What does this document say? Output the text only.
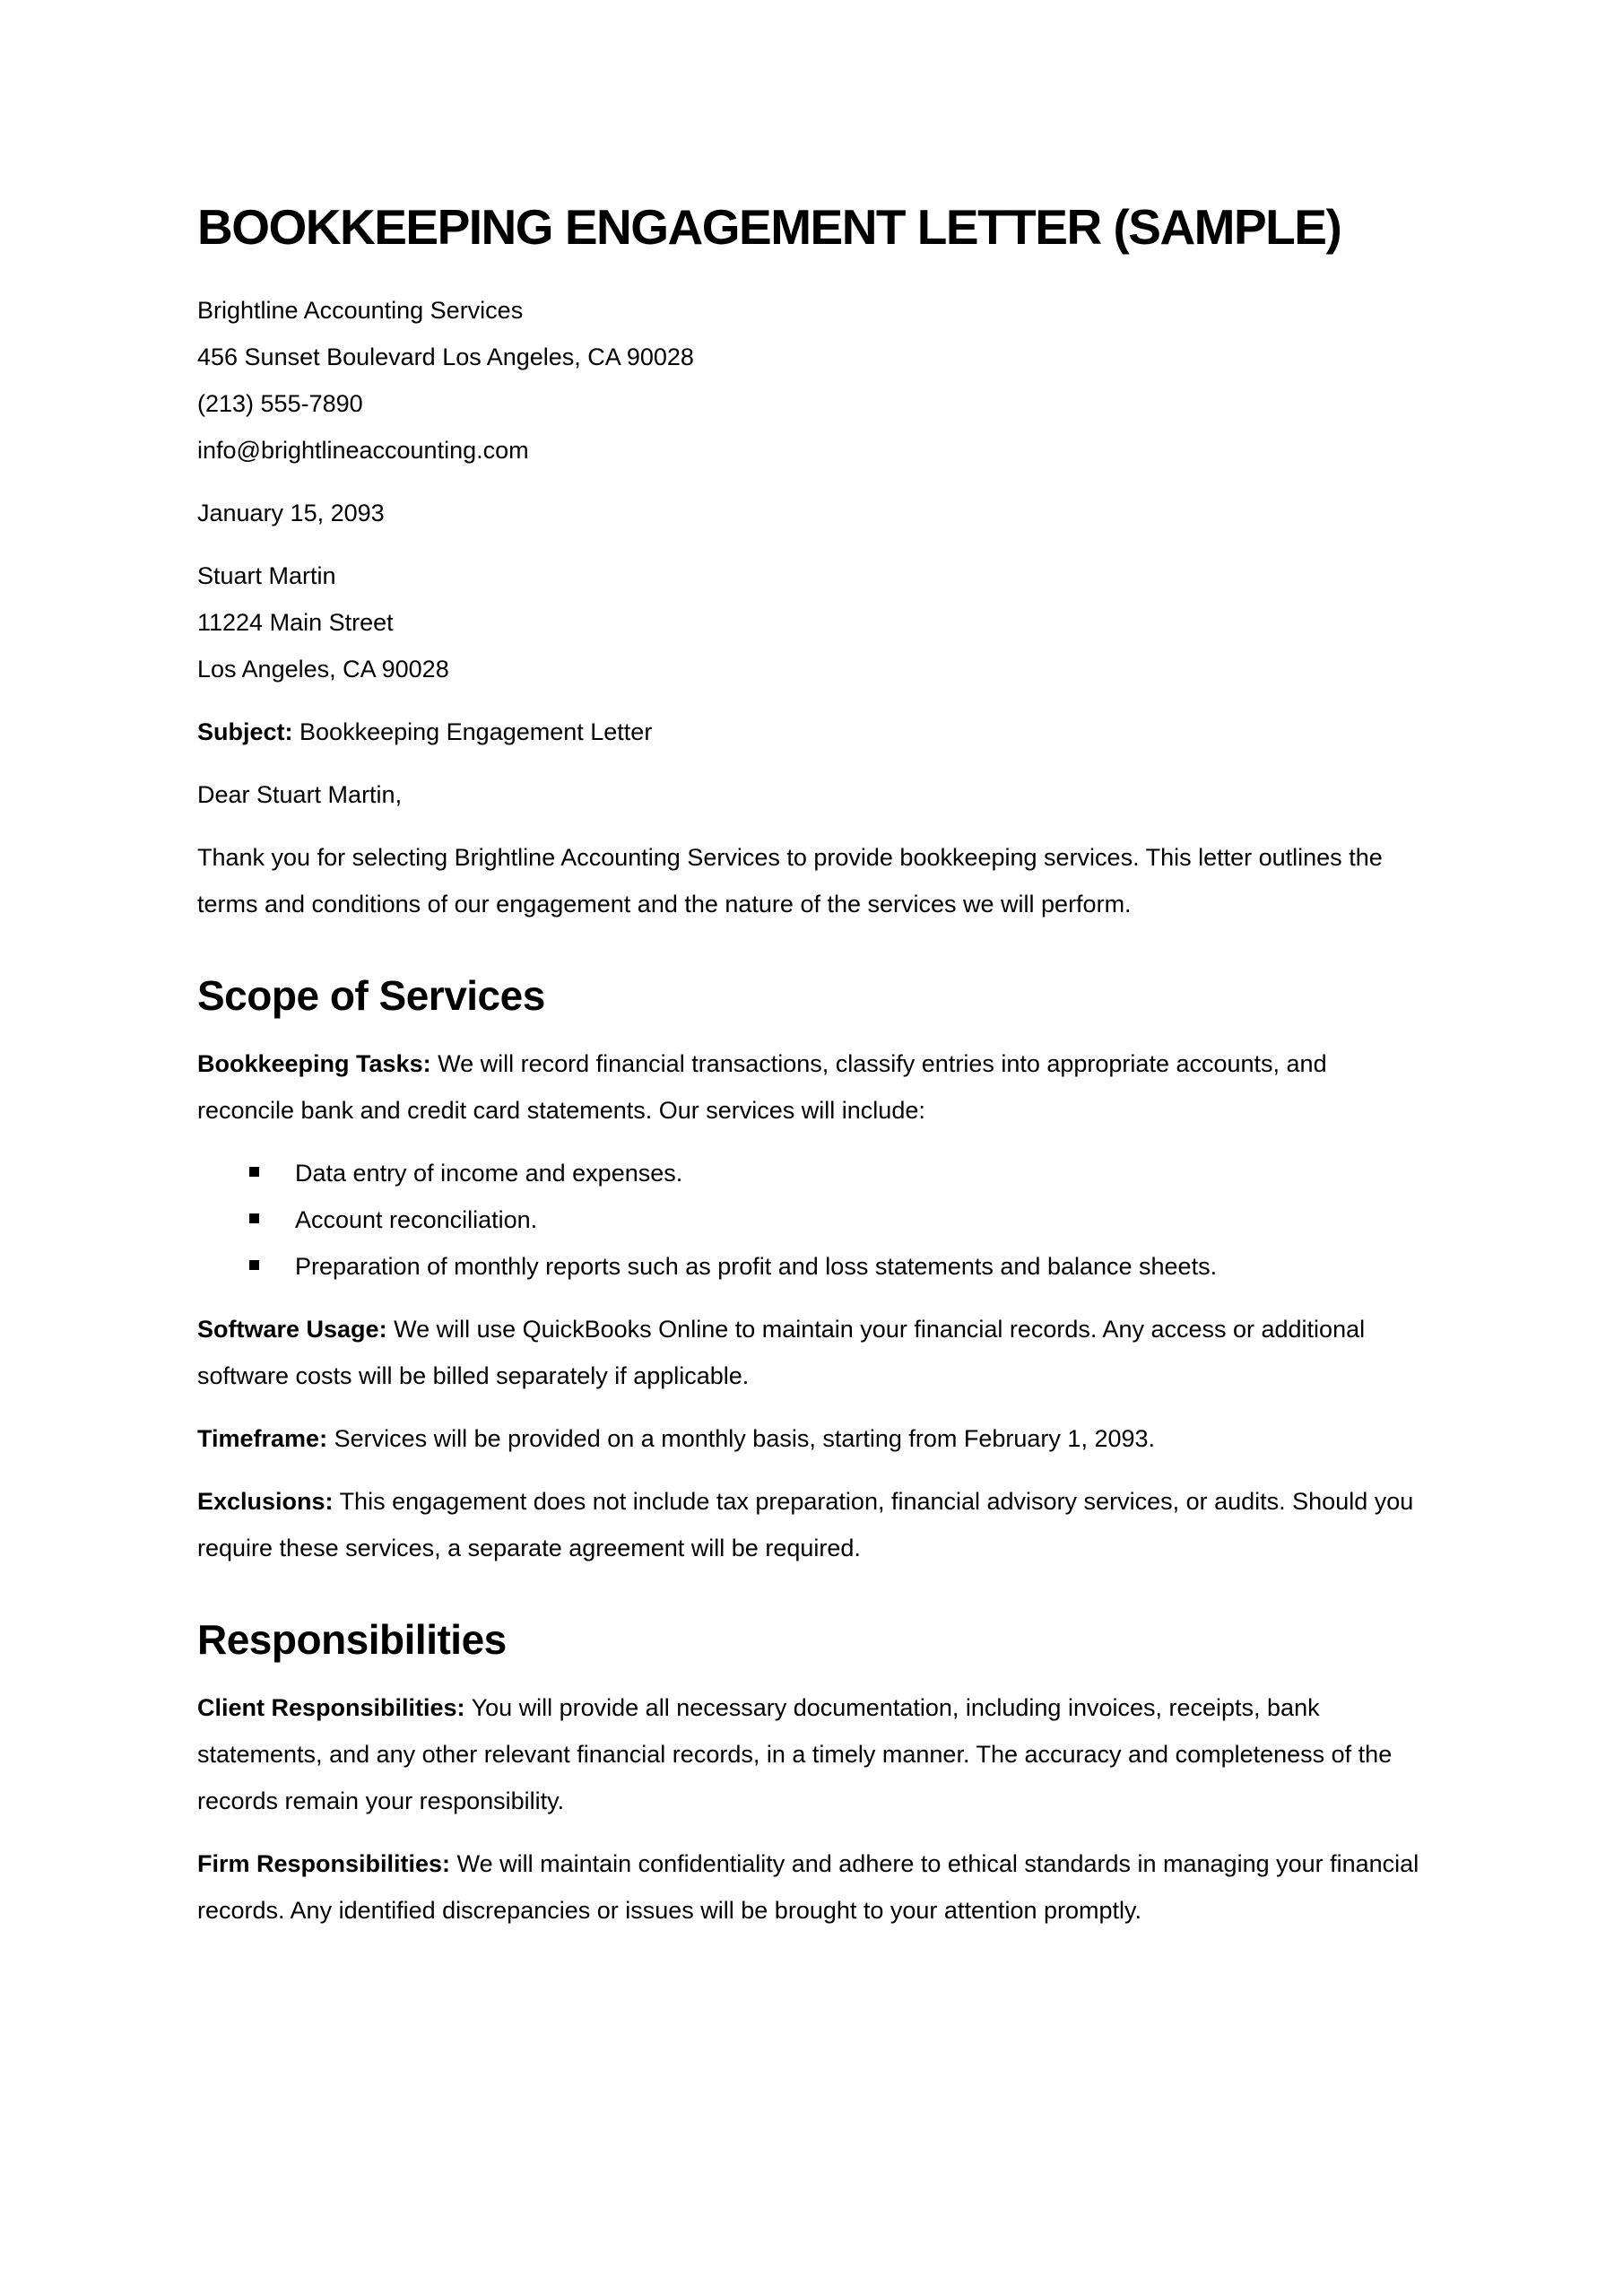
BOOKKEEPING ENGAGEMENT LETTER (SAMPLE)
Brightline Accounting Services
456 Sunset Boulevard Los Angeles, CA 90028
(213) 555-7890
info@brightlineaccounting.com

January 15, 2093

Stuart Martin
11224 Main Street
Los Angeles, CA 90028

Subject: Bookkeeping Engagement Letter

Dear Stuart Martin,

Thank you for selecting Brightline Accounting Services to provide bookkeeping services. This letter outlines the terms and conditions of our engagement and the nature of the services we will perform.

Scope of Services

Bookkeeping Tasks: We will record financial transactions, classify entries into appropriate accounts, and reconcile bank and credit card statements. Our services will include:

Data entry of income and expenses.
Account reconciliation.
Preparation of monthly reports such as profit and loss statements and balance sheets.

Software Usage: We will use QuickBooks Online to maintain your financial records. Any access or additional software costs will be billed separately if applicable.

Timeframe: Services will be provided on a monthly basis, starting from February 1, 2093.

Exclusions: This engagement does not include tax preparation, financial advisory services, or audits. Should you require these services, a separate agreement will be required.

Responsibilities

Client Responsibilities: You will provide all necessary documentation, including invoices, receipts, bank statements, and any other relevant financial records, in a timely manner. The accuracy and completeness of the records remain your responsibility.

Firm Responsibilities: We will maintain confidentiality and adhere to ethical standards in managing your financial records. Any identified discrepancies or issues will be brought to your attention promptly.
